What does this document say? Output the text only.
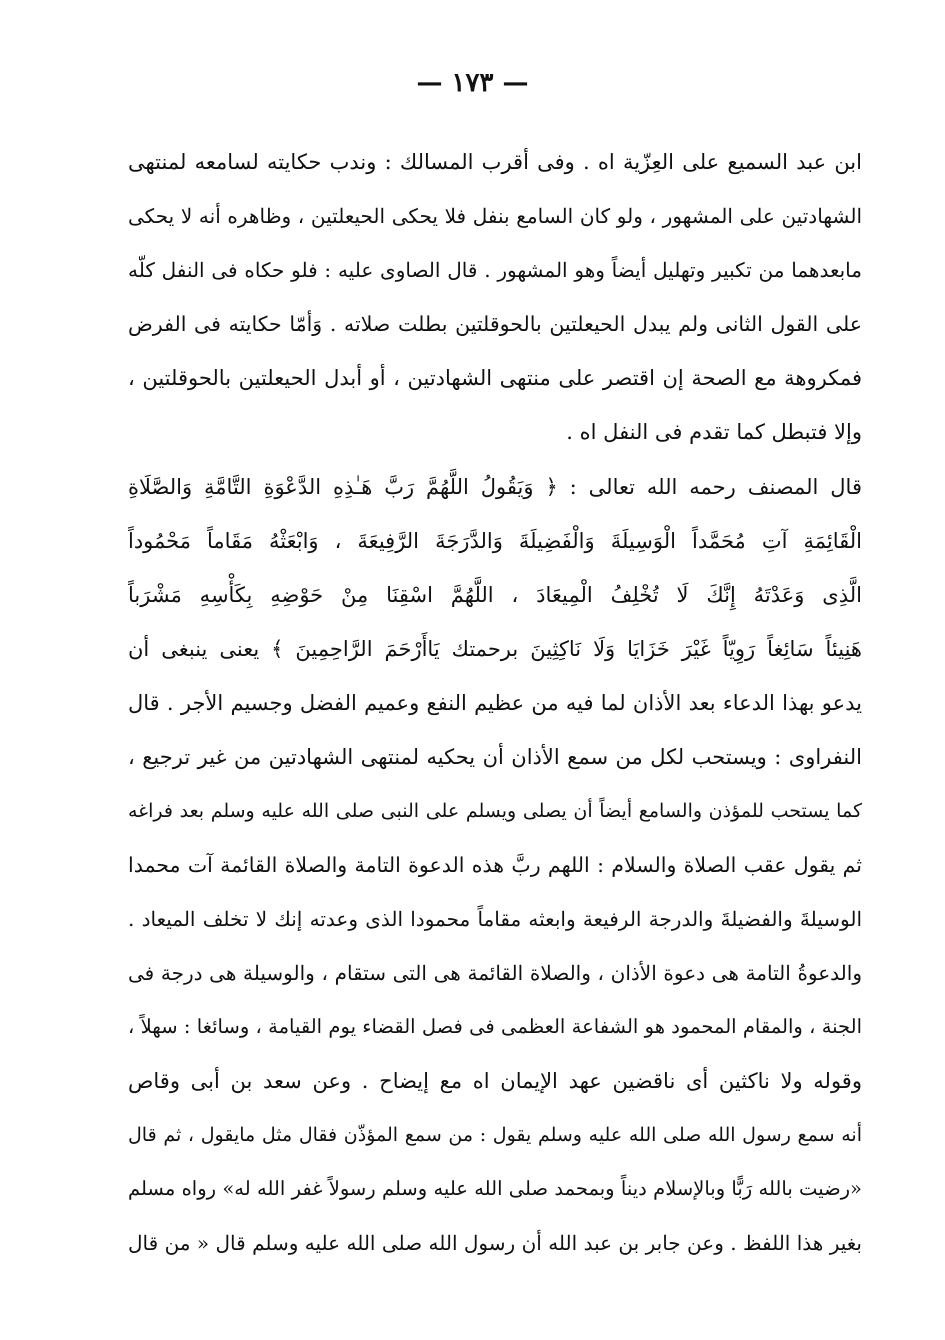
— ١٧٣ —
ابن عبد السميع على العِزّية اه . وفى أقرب المسالك : وندب حكايته لسامعه لمنتهى
الشهادتين على المشهور ، ولو كان السامع بنفل فلا يحكى الحيعلتين ، وظاهره أنه لا يحكى
مابعدهما من تكبير وتهليل أيضاً وهو المشهور . قال الصاوى عليه : فلو حكاه فى النفل كلّه
على القول الثانى ولم يبدل الحيعلتين بالحوقلتين بطلت صلاته . وَأمّا حكايته فى الفرض
فمكروهة مع الصحة إن اقتصر على منتهى الشهادتين ، أو أبدل الحيعلتين بالحوقلتين ،
وإلا فتبطل كما تقدم فى النفل اه .
قال المصنف رحمه الله تعالى : ﴿ وَيَقُولُ اللَّهُمَّ رَبَّ هَـٰذِهِ الدَّعْوَةِ التَّامَّةِ وَالصَّلَاةِ
الْقَائِمَةِ آتِ مُحَمَّداً الْوَسِيلَةَ وَالْفَضِيلَةَ وَالدَّرَجَةَ الرَّفِيعَةَ ، وَابْعَثْهُ مَقَاماً مَحْمُوداً
الَّذِى وَعَدْتَهُ إِنَّكَ لَا تُخْلِفُ الْمِيعَادَ ، اللَّهُمَّ اسْقِنَا مِنْ حَوْضِهِ بِكَأْسِهِ مَشْرَباً
هَنِيئاً سَائِغاً رَوِيّاً غَيْرَ خَزَايَا وَلَا نَاكِثِينَ برحمتك يَاأَرْحَمَ الرَّاحِمِينَ ﴾ يعنى ينبغى أن
يدعو بهذا الدعاء بعد الأذان لما فيه من عظيم النفع وعميم الفضل وجسيم الأجر . قال
النفراوى : ويستحب لكل من سمع الأذان أن يحكيه لمنتهى الشهادتين من غير ترجيع ،
كما يستحب للمؤذن والسامع أيضاً أن يصلى ويسلم على النبى صلى الله عليه وسلم بعد فراغه
ثم يقول عقب الصلاة والسلام : اللهم ربَّ هذه الدعوة التامة والصلاة القائمة آت محمدا
الوسيلةَ والفضيلةَ والدرجة الرفيعة وابعثه مقاماً محمودا الذى وعدته إنك لا تخلف الميعاد .
والدعوةُ التامة هى دعوة الأذان ، والصلاة القائمة هى التى ستقام ، والوسيلة هى درجة فى
الجنة ، والمقام المحمود هو الشفاعة العظمى فى فصل القضاء يوم القيامة ، وسائغا : سهلاً ،
وقوله ولا ناكثين أى ناقضين عهد الإيمان اه مع إيضاح . وعن سعد بن أبى وقاص
أنه سمع رسول الله صلى الله عليه وسلم يقول : من سمع المؤذّن فقال مثل مايقول ، ثم قال
«رضيت بالله رَبًّا وبالإسلام ديناً وبمحمد صلى الله عليه وسلم رسولاً غفر الله له» رواه مسلم
بغير هذا اللفظ . وعن جابر بن عبد الله أن رسول الله صلى الله عليه وسلم قال « من قال
